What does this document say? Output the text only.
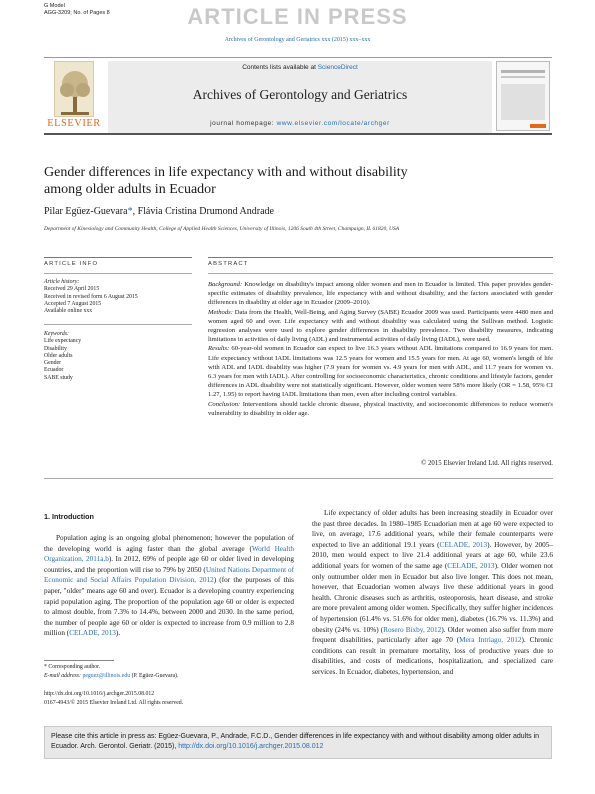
G Model
AGG-3209; No. of Pages 8	ARTICLE IN PRESS
Archives of Gerontology and Geriatrics xxx (2015) xxx–xxx
ELSEVIER
Contents lists available at ScienceDirect
Archives of Gerontology and Geriatrics
journal homepage: www.elsevier.com/locate/archger
Gender differences in life expectancy with and without disability
among older adults in Ecuador
Pilar Egüez-Guevara*, Flávia Cristina Drumond Andrade
Department of Kinesiology and Community Health, College of Applied Health Sciences, University of Illinois, 1206 South 4th Street, Champaign, IL 61820, USA
ARTICLE INFO	ABSTRACT
Article history:
Received 29 April 2015
Received in revised form 6 August 2015
Accepted 7 August 2015
Available online xxx
Keywords:
Life expectancy
Disability
Older adults
Gender
Ecuador
SABE study

Background: Knowledge on disability's impact among older women and men in Ecuador is limited. This paper provides gender-specific estimates of disability prevalence, life expectancy with and without disability, and the factors associated with gender differences in disability at older age in Ecuador (2009–2010).

Methods: Data from the Health, Well-Being, and Aging Survey (SABE) Ecuador 2009 was used. Participants were 4480 men and women aged 60 and over. Life expectancy with and without disability was calculated using the Sullivan method. Logistic regression analyses were used to explore gender differences in disability prevalence. Two disability measures, indicating limitations in activities of daily living (ADL) and instrumental activities of daily living (IADL), were used.

Results: 60-year-old women in Ecuador can expect to live 16.3 years without ADL limitations compared to 16.9 years for men. Life expectancy without IADL limitations was 12.5 years for women and 15.5 years for men. At age 60, women's length of life with ADL and IADL disability was higher (7.9 years for women vs. 4.9 years for men with ADL, and 11.7 years for women vs. 6.3 years for men with IADL). After controlling for socioeconomic characteristics, chronic conditions and lifestyle factors, gender differences in ADL disability were not statistically significant. However, older women were 58% more likely (OR = 1.58, 95% CI 1.27, 1.95) to report having IADL limitations than men, even after including control variables.

Conclusion: Interventions should tackle chronic disease, physical inactivity, and socioeconomic differences to reduce women's vulnerability to disability in older age.

© 2015 Elsevier Ireland Ltd. All rights reserved.
1. Introduction

Population aging is an ongoing global phenomenon; however the population of the developing world is aging faster than the global average (World Health Organization, 2011a,b). In 2012, 69% of people age 60 or older lived in developing countries, and the proportion will rise to 79% by 2050 (United Nations Department of Economic and Social Affairs Population Division, 2012) (for the purposes of this paper, "older" means age 60 and over). Ecuador is a developing country experiencing rapid population aging. The proportion of the population age 60 or older is expected to almost double, from 7.3% to 14.4%, between 2000 and 2030. In the same period, the number of people age 60 or older is expected to increase from 0.9 million to 2.8 million (CELADE, 2013).

Life expectancy of older adults has been increasing steadily in Ecuador over the past three decades. In 1980–1985 Ecuadorian men at age 60 were expected to live, on average, 17.6 additional years, while their female counterparts were expected to live an additional 19.1 years (CELADE, 2013). However, by 2005–2010, men would expect to live 21.4 additional years at age 60, while 23.6 additional years for women of the same age (CELADE, 2013). Older women not only outnumber older men in Ecuador but also live longer. This does not mean, however, that Ecuadorian women always live these additional years in good health. Chronic diseases such as arthritis, osteoporosis, heart disease, and stroke are more prevalent among older women. Specifically, they suffer higher incidences of hypertension (61.4% vs. 51.6% for older men), diabetes (16.7% vs. 11.3%) and obesity (24% vs. 10%) (Rosero Bixby, 2012). Older women also suffer from more frequent disabilities, particularly after age 70 (Mera Intriago, 2012). Chronic conditions can result in premature mortality, loss of productive years due to disabilities, and costs of medications, hospitalization, and specialized care services. In Ecuador, diabetes, hypertension, and

* Corresponding author.
E-mail address: peguez@illinois.edu (P. Egüez-Guevara).
http://dx.doi.org/10.1016/j.archger.2015.08.012
0167-4943/© 2015 Elsevier Ireland Ltd. All rights reserved.
Please cite this article in press as: Egüez-Guevara, P., Andrade, F.C.D., Gender differences in life expectancy with and without disability among older adults in Ecuador. Arch. Gerontol. Geriatr. (2015), http://dx.doi.org/10.1016/j.archger.2015.08.012
